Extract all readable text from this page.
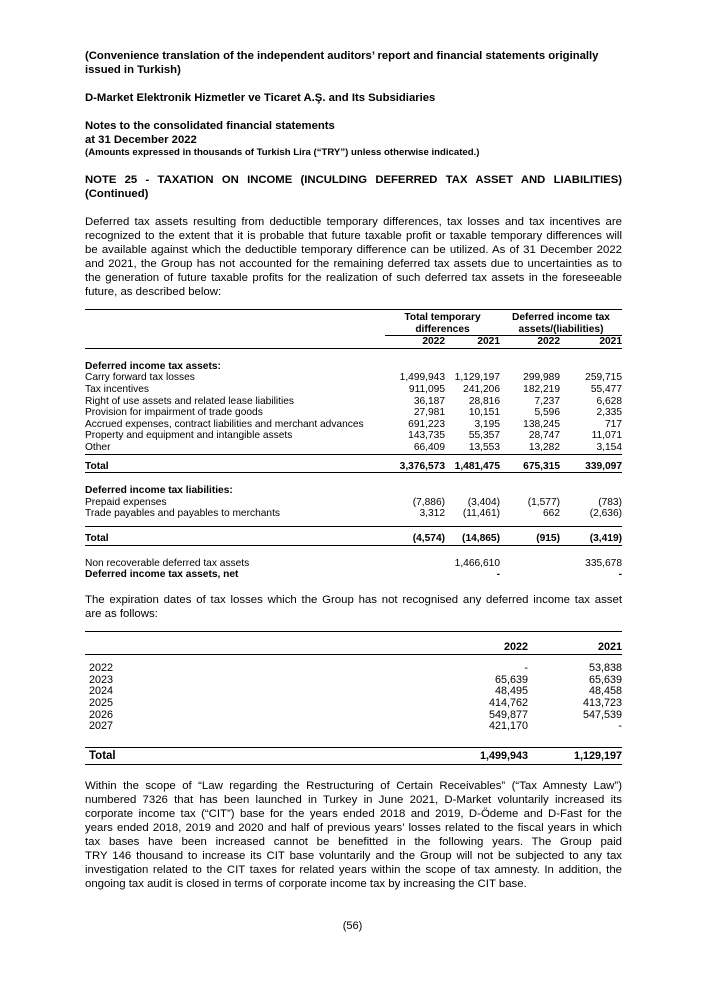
(Convenience translation of the independent auditors’ report and financial statements originally
issued in Turkish)
D-Market Elektronik Hizmetler ve Ticaret A.Ş. and Its Subsidiaries
Notes to the consolidated financial statements
at 31 December 2022
(Amounts expressed in thousands of Turkish Lira (“TRY”) unless otherwise indicated.)
NOTE 25 - TAXATION ON INCOME (INCULDING DEFERRED TAX ASSET AND LIABILITIES)
(Continued)

Deferred tax assets resulting from deductible temporary differences, tax losses and tax incentives are

recognized to the extent that it is probable that future taxable profit or taxable temporary differences will

be available against which the deductible temporary difference can be utilized. As of 31 December 2022

and 2021, the Group has not accounted for the remaining deferred tax assets due to uncertainties as to

the generation of future taxable profits for the realization of such deferred tax assets in the foreseeable

future, as described below:

	Total temporary		Deferred income tax	
	differences		assets/(liabilities)	
	2022	2021	2022	2021

Deferred income tax assets:				
Carry forward tax losses	1,499,943	1,129,197	299,989	259,715
Tax incentives	911,095	241,206	182,219	55,477
Right of use assets and related lease liabilities	36,187	28,816	7,237	6,628
Provision for impairment of trade goods	27,981	10,151	5,596	2,335
Accrued expenses, contract liabilities and merchant advances	691,223	3,195	138,245	717
Property and equipment and intangible assets	143,735	55,357	28,747	11,071
Other	66,409	13,553	13,282	3,154

Total	3,376,573	1,481,475	675,315	339,097

Deferred income tax liabilities:				
Prepaid expenses	(7,886)	(3,404)	(1,577)	(783)
Trade payables and payables to merchants	3,312	(11,461)	662	(2,636)

Total	(4,574)	(14,865)	(915)	(3,419)

Non recoverable deferred tax assets		1,466,610		335,678
Deferred income tax assets, net		-		-

The expiration dates of tax losses which the Group has not recognised any deferred income tax asset

are as follows:

	2022	2021

2022	-	53,838
2023	65,639	65,639
2024	48,495	48,458
2025	414,762	413,723
2026	549,877	547,539
2027	421,170	-
Total	1,499,943	1,129,197

Within the scope of “Law regarding the Restructuring of Certain Receivables” (“Tax Amnesty Law”)

numbered 7326 that has been launched in Turkey in June 2021, D-Market voluntarily increased its

corporate income tax (“CIT”) base for the years ended 2018 and 2019, D-Ödeme and D-Fast for the

years ended 2018, 2019 and 2020 and half of previous years’ losses related to the fiscal years in which

tax bases have been increased cannot be benefitted in the following years. The Group paid

TRY 146 thousand to increase its CIT base voluntarily and the Group will not be subjected to any tax

investigation related to the CIT taxes for related years within the scope of tax amnesty. In addition, the

ongoing tax audit is closed in terms of corporate income tax by increasing the CIT base.

(56)
